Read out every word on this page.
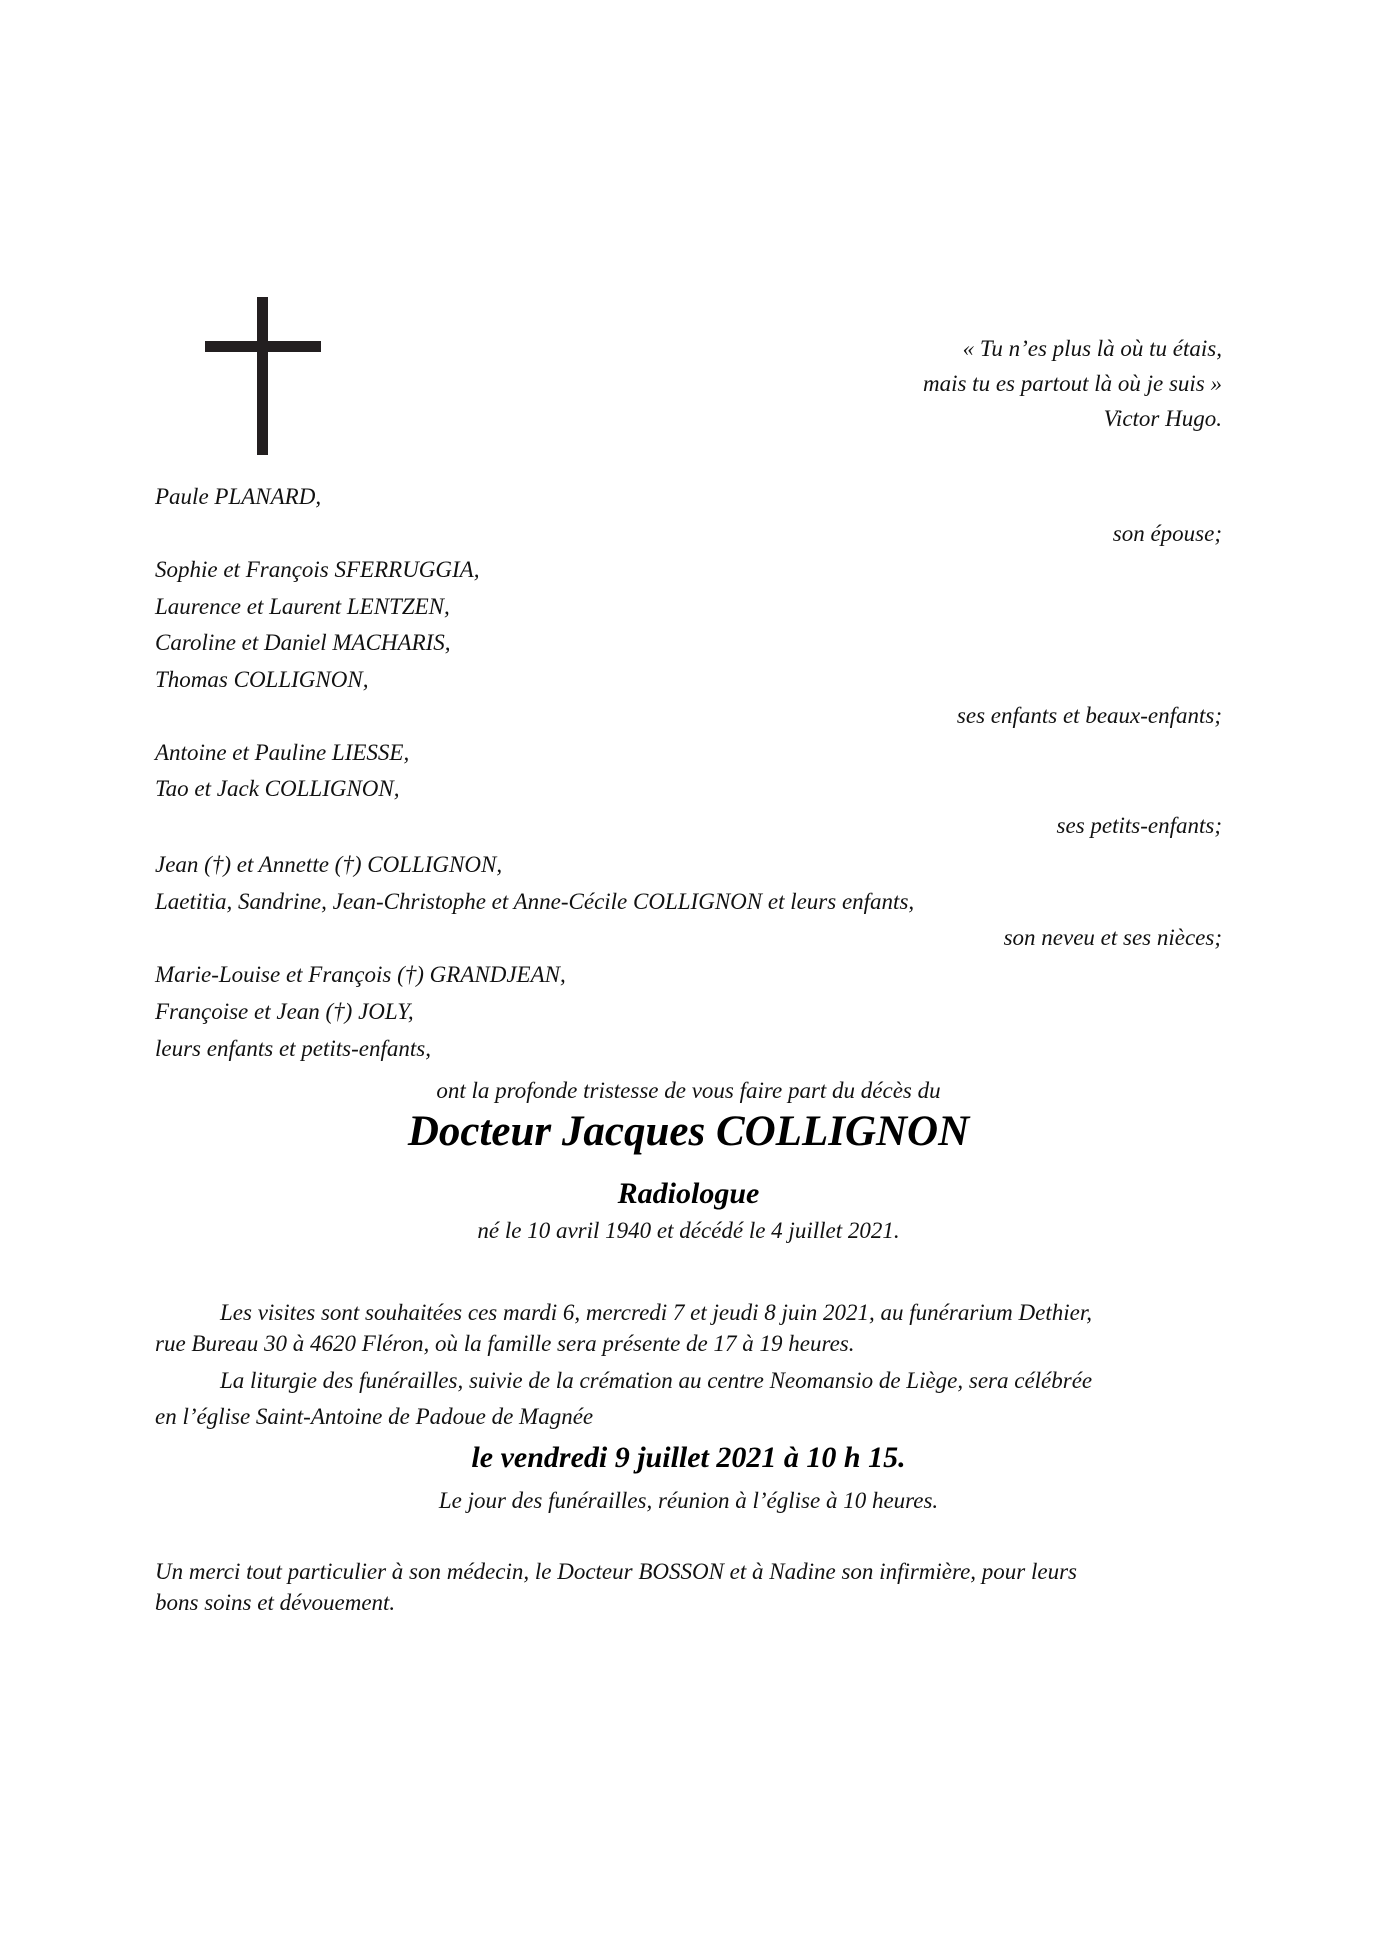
« Tu n’es plus là où tu étais,
mais tu es partout là où je suis »
Victor Hugo.
Paule PLANARD,
son épouse;
Sophie et François SFERRUGGIA,
Laurence et Laurent LENTZEN,
Caroline et Daniel MACHARIS,
Thomas COLLIGNON,
ses enfants et beaux-enfants;
Antoine et Pauline LIESSE,
Tao et Jack COLLIGNON,
ses petits-enfants;
Jean (†) et Annette (†) COLLIGNON,
Laetitia, Sandrine, Jean-Christophe et Anne-Cécile COLLIGNON et leurs enfants,
son neveu et ses nièces;
Marie-Louise et François (†) GRANDJEAN,
Françoise et Jean (†) JOLY,
leurs enfants et petits-enfants,
ont la profonde tristesse de vous faire part du décès du
Docteur Jacques COLLIGNON
Radiologue
né le 10 avril 1940 et décédé le 4 juillet 2021.
Les visites sont souhaitées ces mardi 6, mercredi 7 et jeudi 8 juin 2021, au funérarium Dethier,
rue Bureau 30 à 4620 Fléron, où la famille sera présente de 17 à 19 heures.
La liturgie des funérailles, suivie de la crémation au centre Neomansio de Liège, sera célébrée
en l’église Saint-Antoine de Padoue de Magnée
le vendredi 9 juillet 2021 à 10 h 15.
Le jour des funérailles, réunion à l’église à 10 heures.
Un merci tout particulier à son médecin, le Docteur BOSSON et à Nadine son infirmière, pour leurs
bons soins et dévouement.
